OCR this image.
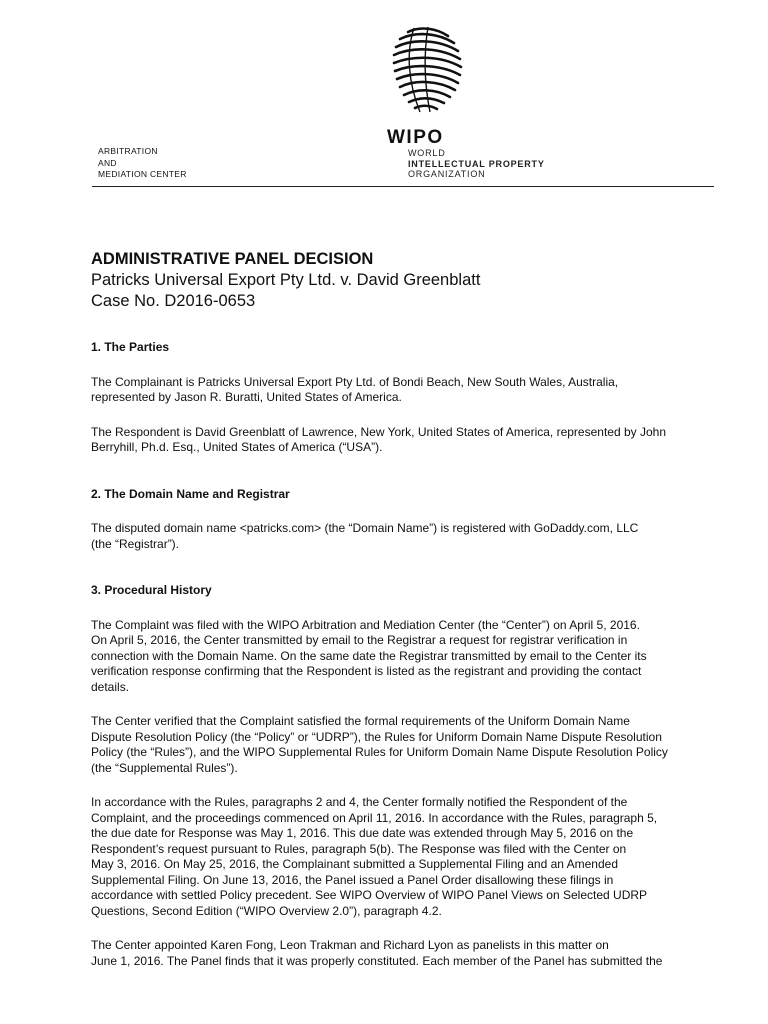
WIPO
WORLD
INTELLECTUAL PROPERTY
ORGANIZATION
ARBITRATION
AND
MEDIATION CENTER
ADMINISTRATIVE PANEL DECISION
Patricks Universal Export Pty Ltd. v. David Greenblatt
Case No. D2016-0653

1. The Parties

The Complainant is Patricks Universal Export Pty Ltd. of Bondi Beach, New South Wales, Australia,
represented by Jason R. Buratti, United States of America.

The Respondent is David Greenblatt of Lawrence, New York, United States of America, represented by John
Berryhill, Ph.d. Esq., United States of America (“USA”).

2. The Domain Name and Registrar

The disputed domain name <patricks.com> (the “Domain Name”) is registered with GoDaddy.com, LLC
(the “Registrar”).

3. Procedural History

The Complaint was filed with the WIPO Arbitration and Mediation Center (the “Center”) on April 5, 2016.
On April 5, 2016, the Center transmitted by email to the Registrar a request for registrar verification in
connection with the Domain Name. On the same date the Registrar transmitted by email to the Center its
verification response confirming that the Respondent is listed as the registrant and providing the contact
details.

The Center verified that the Complaint satisfied the formal requirements of the Uniform Domain Name
Dispute Resolution Policy (the “Policy” or “UDRP”), the Rules for Uniform Domain Name Dispute Resolution
Policy (the “Rules”), and the WIPO Supplemental Rules for Uniform Domain Name Dispute Resolution Policy
(the “Supplemental Rules”).

In accordance with the Rules, paragraphs 2 and 4, the Center formally notified the Respondent of the
Complaint, and the proceedings commenced on April 11, 2016. In accordance with the Rules, paragraph 5,
the due date for Response was May 1, 2016. This due date was extended through May 5, 2016 on the
Respondent’s request pursuant to Rules, paragraph 5(b). The Response was filed with the Center on
May 3, 2016. On May 25, 2016, the Complainant submitted a Supplemental Filing and an Amended
Supplemental Filing. On June 13, 2016, the Panel issued a Panel Order disallowing these filings in
accordance with settled Policy precedent. See WIPO Overview of WIPO Panel Views on Selected UDRP
Questions, Second Edition (“WIPO Overview 2.0”), paragraph 4.2.

The Center appointed Karen Fong, Leon Trakman and Richard Lyon as panelists in this matter on
June 1, 2016. The Panel finds that it was properly constituted. Each member of the Panel has submitted the
